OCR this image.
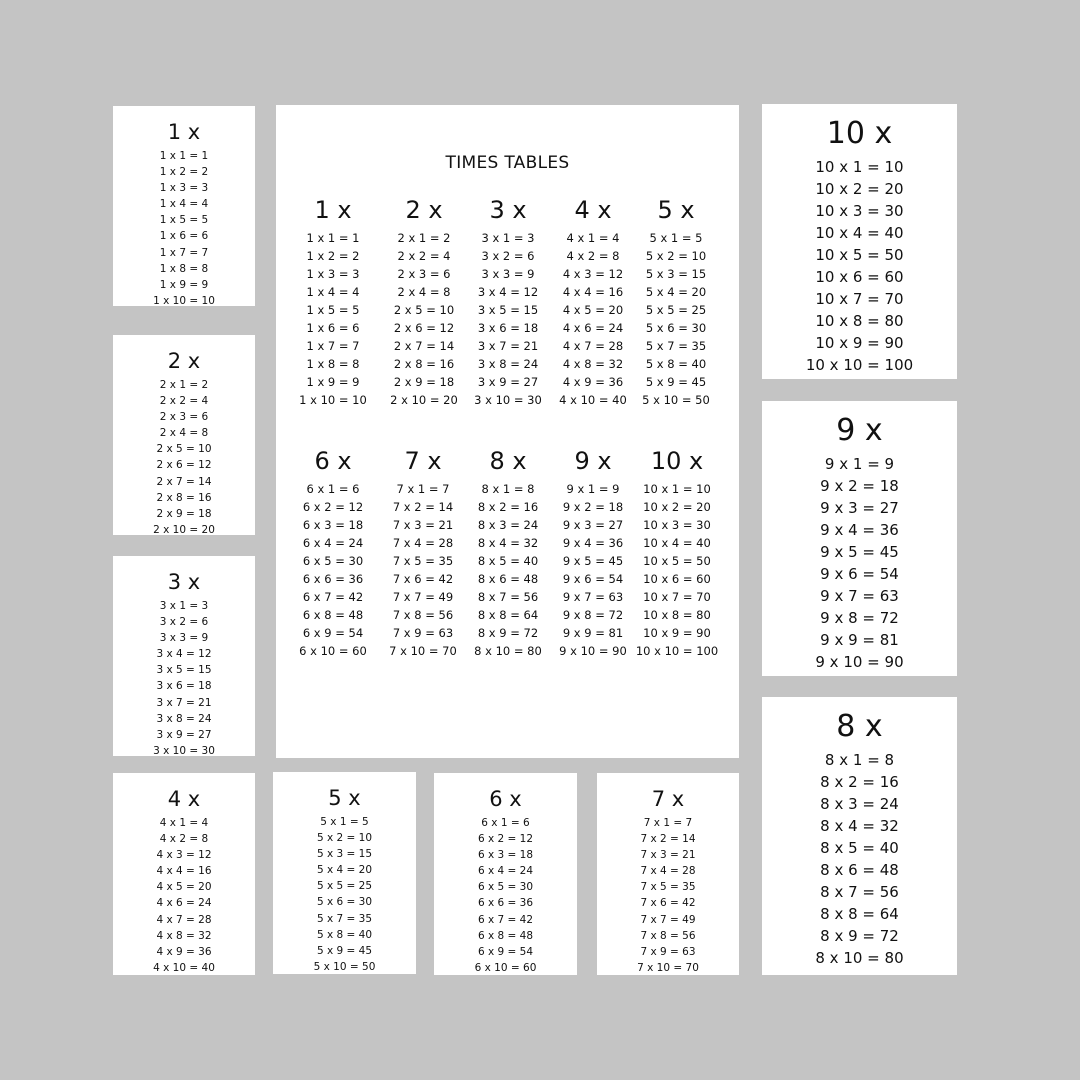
1 x
1 x 1 = 1
1 x 2 = 2
1 x 3 = 3
1 x 4 = 4
1 x 5 = 5
1 x 6 = 6
1 x 7 = 7
1 x 8 = 8
1 x 9 = 9
1 x 10 = 10
2 x
2 x 1 = 2
2 x 2 = 4
2 x 3 = 6
2 x 4 = 8
2 x 5 = 10
2 x 6 = 12
2 x 7 = 14
2 x 8 = 16
2 x 9 = 18
2 x 10 = 20
3 x
3 x 1 = 3
3 x 2 = 6
3 x 3 = 9
3 x 4 = 12
3 x 5 = 15
3 x 6 = 18
3 x 7 = 21
3 x 8 = 24
3 x 9 = 27
3 x 10 = 30
4 x
4 x 1 = 4
4 x 2 = 8
4 x 3 = 12
4 x 4 = 16
4 x 5 = 20
4 x 6 = 24
4 x 7 = 28
4 x 8 = 32
4 x 9 = 36
4 x 10 = 40
5 x
5 x 1 = 5
5 x 2 = 10
5 x 3 = 15
5 x 4 = 20
5 x 5 = 25
5 x 6 = 30
5 x 7 = 35
5 x 8 = 40
5 x 9 = 45
5 x 10 = 50
6 x
6 x 1 = 6
6 x 2 = 12
6 x 3 = 18
6 x 4 = 24
6 x 5 = 30
6 x 6 = 36
6 x 7 = 42
6 x 8 = 48
6 x 9 = 54
6 x 10 = 60
7 x
7 x 1 = 7
7 x 2 = 14
7 x 3 = 21
7 x 4 = 28
7 x 5 = 35
7 x 6 = 42
7 x 7 = 49
7 x 8 = 56
7 x 9 = 63
7 x 10 = 70
10 x
10 x 1 = 10
10 x 2 = 20
10 x 3 = 30
10 x 4 = 40
10 x 5 = 50
10 x 6 = 60
10 x 7 = 70
10 x 8 = 80
10 x 9 = 90
10 x 10 = 100
9 x
9 x 1 = 9
9 x 2 = 18
9 x 3 = 27
9 x 4 = 36
9 x 5 = 45
9 x 6 = 54
9 x 7 = 63
9 x 8 = 72
9 x 9 = 81
9 x 10 = 90
8 x
8 x 1 = 8
8 x 2 = 16
8 x 3 = 24
8 x 4 = 32
8 x 5 = 40
8 x 6 = 48
8 x 7 = 56
8 x 8 = 64
8 x 9 = 72
8 x 10 = 80
TIMES TABLES
1 x
1 x 1 = 1
1 x 2 = 2
1 x 3 = 3
1 x 4 = 4
1 x 5 = 5
1 x 6 = 6
1 x 7 = 7
1 x 8 = 8
1 x 9 = 9
1 x 10 = 10
2 x
2 x 1 = 2
2 x 2 = 4
2 x 3 = 6
2 x 4 = 8
2 x 5 = 10
2 x 6 = 12
2 x 7 = 14
2 x 8 = 16
2 x 9 = 18
2 x 10 = 20
3 x
3 x 1 = 3
3 x 2 = 6
3 x 3 = 9
3 x 4 = 12
3 x 5 = 15
3 x 6 = 18
3 x 7 = 21
3 x 8 = 24
3 x 9 = 27
3 x 10 = 30
4 x
4 x 1 = 4
4 x 2 = 8
4 x 3 = 12
4 x 4 = 16
4 x 5 = 20
4 x 6 = 24
4 x 7 = 28
4 x 8 = 32
4 x 9 = 36
4 x 10 = 40
5 x
5 x 1 = 5
5 x 2 = 10
5 x 3 = 15
5 x 4 = 20
5 x 5 = 25
5 x 6 = 30
5 x 7 = 35
5 x 8 = 40
5 x 9 = 45
5 x 10 = 50
6 x
6 x 1 = 6
6 x 2 = 12
6 x 3 = 18
6 x 4 = 24
6 x 5 = 30
6 x 6 = 36
6 x 7 = 42
6 x 8 = 48
6 x 9 = 54
6 x 10 = 60
7 x
7 x 1 = 7
7 x 2 = 14
7 x 3 = 21
7 x 4 = 28
7 x 5 = 35
7 x 6 = 42
7 x 7 = 49
7 x 8 = 56
7 x 9 = 63
7 x 10 = 70
8 x
8 x 1 = 8
8 x 2 = 16
8 x 3 = 24
8 x 4 = 32
8 x 5 = 40
8 x 6 = 48
8 x 7 = 56
8 x 8 = 64
8 x 9 = 72
8 x 10 = 80
9 x
9 x 1 = 9
9 x 2 = 18
9 x 3 = 27
9 x 4 = 36
9 x 5 = 45
9 x 6 = 54
9 x 7 = 63
9 x 8 = 72
9 x 9 = 81
9 x 10 = 90
10 x
10 x 1 = 10
10 x 2 = 20
10 x 3 = 30
10 x 4 = 40
10 x 5 = 50
10 x 6 = 60
10 x 7 = 70
10 x 8 = 80
10 x 9 = 90
10 x 10 = 100
